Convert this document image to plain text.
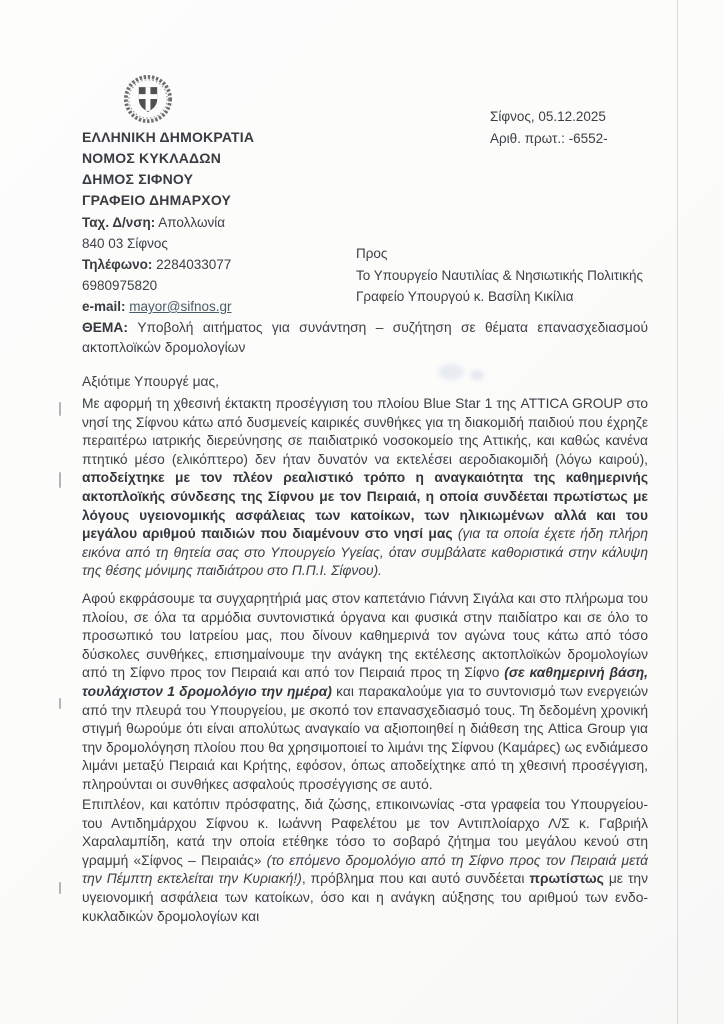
ΕΛΛΗΝΙΚΗ ΔΗΜΟΚΡΑΤΙΑ
ΝΟΜΟΣ ΚΥΚΛΑΔΩΝ
ΔΗΜΟΣ ΣΙΦΝΟΥ
ΓΡΑΦΕΙΟ ΔΗΜΑΡΧΟΥ
Σίφνος, 05.12.2025
Αριθ. πρωτ.: -6552-
Ταχ. Δ/νση: Απολλωνία
840 03 Σίφνος
Τηλέφωνο: 2284033077
6980975820
e-mail: mayor@sifnos.gr
Προς
Το Υπουργείο Ναυτιλίας & Νησιωτικής Πολιτικής
Γραφείο Υπουργού κ. Βασίλη Κικίλια
ΘΕΜΑ: Υποβολή αιτήματος για συνάντηση – συζήτηση σε θέματα επανασχεδιασμού ακτοπλοϊκών δρομολογίων
Αξιότιμε Υπουργέ μας,
Με αφορμή τη χθεσινή έκτακτη προσέγγιση του πλοίου Blue Star 1 της ATTICA GROUP στο νησί της Σίφνου κάτω από δυσμενείς καιρικές συνθήκες για τη διακομιδή παιδιού που έχρηζε περαιτέρω ιατρικής διερεύνησης σε παιδιατρικό νοσοκομείο της Αττικής, και καθώς κανένα πτητικό μέσο (ελικόπτερο) δεν ήταν δυνατόν να εκτελέσει αεροδιακομιδή (λόγω καιρού), αποδείχτηκε με τον πλέον ρεαλιστικό τρόπο η αναγκαιότητα της καθημερινής ακτοπλοϊκής σύνδεσης της Σίφνου με τον Πειραιά, η οποία συνδέεται πρωτίστως με λόγους υγειονομικής ασφάλειας των κατοίκων, των ηλικιωμένων αλλά και του μεγάλου αριθμού παιδιών που διαμένουν στο νησί μας (για τα οποία έχετε ήδη πλήρη εικόνα από τη θητεία σας στο Υπουργείο Υγείας, όταν συμβάλατε καθοριστικά στην κάλυψη της θέσης μόνιμης παιδιάτρου στο Π.Π.Ι. Σίφνου).
Αφού εκφράσουμε τα συγχαρητήριά μας στον καπετάνιο Γιάννη Σιγάλα και στο πλήρωμα του πλοίου, σε όλα τα αρμόδια συντονιστικά όργανα και φυσικά στην παιδίατρο και σε όλο το προσωπικό του Ιατρείου μας, που δίνουν καθημερινά τον αγώνα τους κάτω από τόσο δύσκολες συνθήκες, επισημαίνουμε την ανάγκη της εκτέλεσης ακτοπλοϊκών δρομολογίων από τη Σίφνο προς τον Πειραιά και από τον Πειραιά προς τη Σίφνο (σε καθημερινή βάση, τουλάχιστον 1 δρομολόγιο την ημέρα) και παρακαλούμε για το συντονισμό των ενεργειών από την πλευρά του Υπουργείου, με σκοπό τον επανασχεδιασμό τους. Τη δεδομένη χρονική στιγμή θωρούμε ότι είναι απολύτως αναγκαίο να αξιοποιηθεί η διάθεση της Attica Group για την δρομολόγηση πλοίου που θα χρησιμοποιεί το λιμάνι της Σίφνου (Καμάρες) ως ενδιάμεσο λιμάνι μεταξύ Πειραιά και Κρήτης, εφόσον, όπως αποδείχτηκε από τη χθεσινή προσέγγιση, πληρούνται οι συνθήκες ασφαλούς προσέγγισης σε αυτό.
Επιπλέον, και κατόπιν πρόσφατης, διά ζώσης, επικοινωνίας -στα γραφεία του Υπουργείου- του Αντιδημάρχου Σίφνου κ. Ιωάννη Ραφελέτου με τον Αντιπλοίαρχο Λ/Σ κ. Γαβριήλ Χαραλαμπίδη, κατά την οποία ετέθηκε τόσο το σοβαρό ζήτημα του μεγάλου κενού στη γραμμή «Σίφνος – Πειραιάς» (το επόμενο δρομολόγιο από τη Σίφνο προς τον Πειραιά μετά την Πέμπτη εκτελείται την Κυριακή!), πρόβλημα που και αυτό συνδέεται πρωτίστως με την υγειονομική ασφάλεια των κατοίκων, όσο και η ανάγκη αύξησης του αριθμού των ενδο-κυκλαδικών δρομολογίων και
